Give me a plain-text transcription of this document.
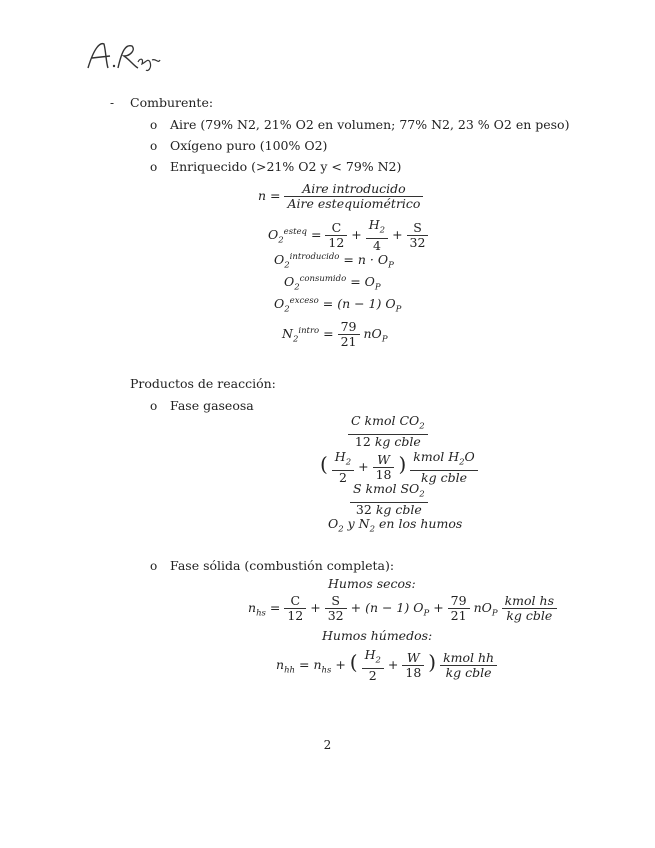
- Comburente:
o Aire (79% N2, 21% O2 en volumen; 77% N2, 23 % O2 en peso)
o Oxígeno puro (100% O2)
o Enriquecido (>21% O2 y < 79% N2)
$n = \frac{\text{Aire introducido}}{\text{Aire estequiométrico}}$
$O_2^{esteq} = \frac{C}{12} + \frac{H_2}{4} + \frac{S}{32}$
$O_2^{introducido} = n \cdot O_P$
$O_2^{consumido} = O_P$
$O_2^{exceso} = (n - 1)$ $O_P$
$N_2^{intro} = \frac{79}{21} nO_P$
Productos de reacción:
o Fase gaseosa
$\frac{C kmol CO_2}{\text{12 kg cble}}$
( $\frac{H_2}{2} + \frac{W}{18}$ ) $\frac{kmol H_2O}{\text{kg cble}}$
$\frac{S kmol SO_2}{\text{32 kg cble}}$
$O_2$ y $N_2$ en los humos
o Fase sólida (combustión completa):
Humos secos:
$n_{hs} = \frac{C}{12} + \frac{S}{32} + (n - 1) O_P + \frac{79}{21} nO_P \frac{\text{kmol hs}}{\text{kg cble}}$
Humos húmedos:
$n_{hh} = n_{hs}$ + ( $\frac{H_2}{2} + \frac{W}{18}$ ) $\frac{\text{kmol hh}}{\text{kg cble}}$
2
